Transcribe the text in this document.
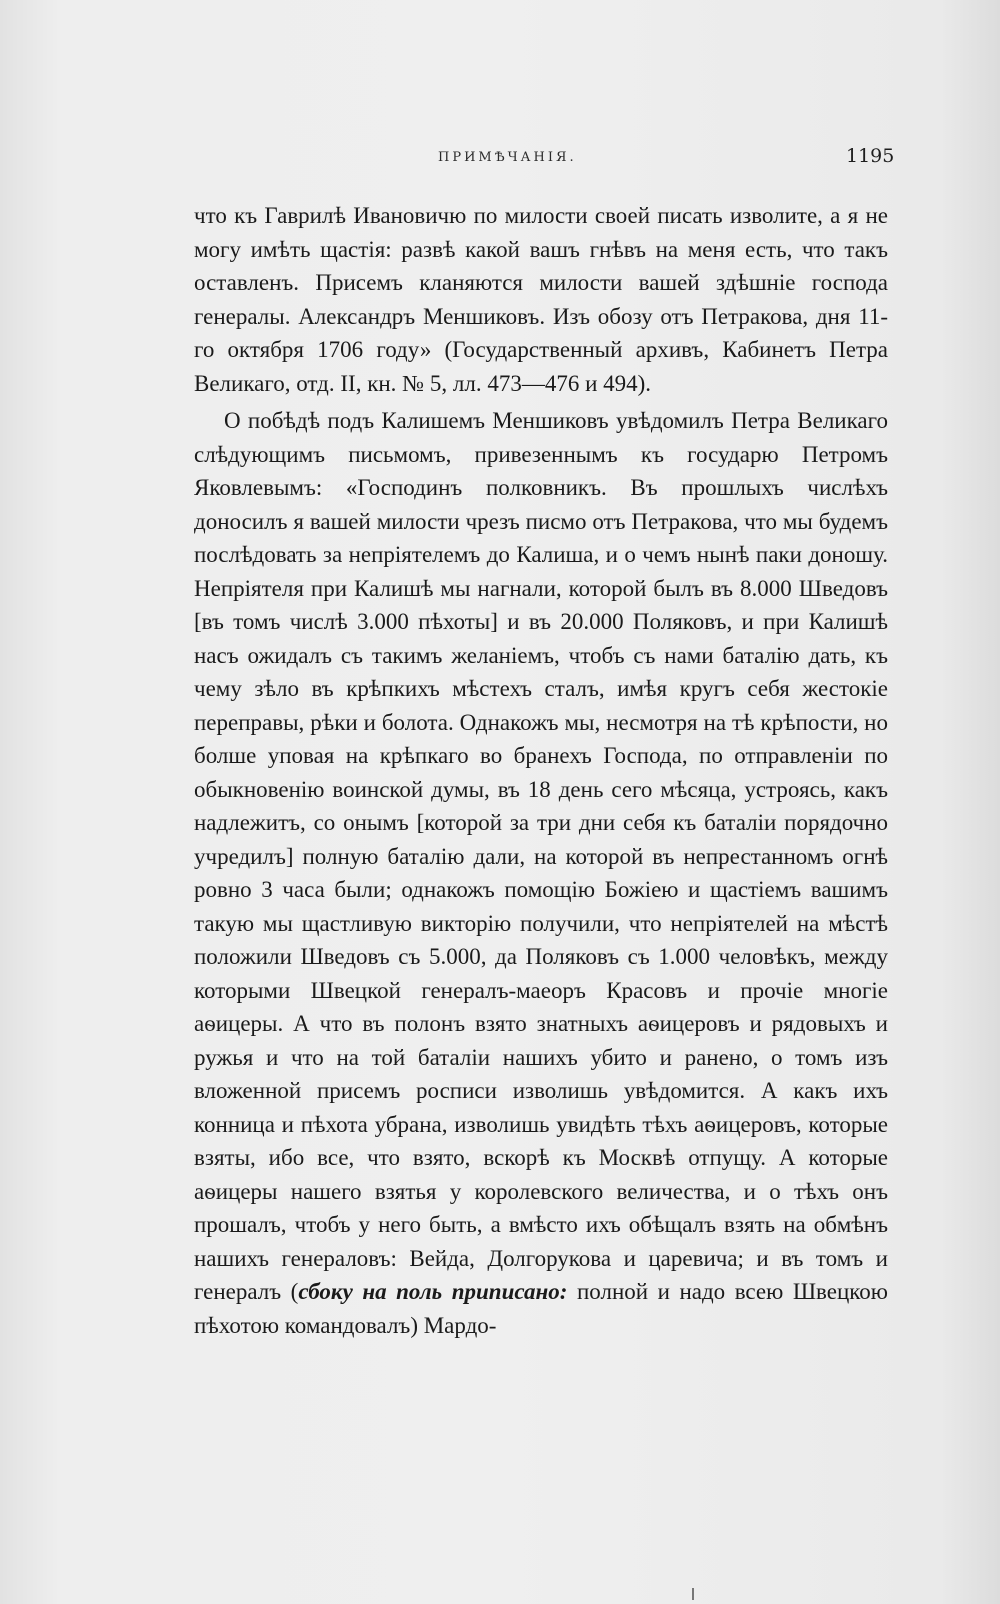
ПРИМѢЧАНІЯ.	1195

что къ Гаврилѣ Ивановичю по милости своей писать изволите, а я не могу имѣть щастія: развѣ какой вашъ гнѣвъ на меня есть, что такъ оставленъ. Присемъ кланяются милости вашей здѣшніе господа генералы. Александръ Меншиковъ. Изъ обозу отъ Петракова, дня 11-го октября 1706 году» (Государственный архивъ, Кабинетъ Петра Великаго, отд. II, кн. № 5, лл. 473—476 и 494).

О побѣдѣ подъ Калишемъ Меншиковъ увѣдомилъ Петра Великаго слѣдующимъ письмомъ, привезеннымъ къ государю Петромъ Яковлевымъ: «Господинъ полковникъ. Въ прошлыхъ числѣхъ доносилъ я вашей милости чрезъ писмо отъ Петракова, что мы будемъ послѣдовать за непріятелемъ до Калиша, и о чемъ нынѣ паки доношу. Непріятеля при Калишѣ мы нагнали, которой былъ въ 8.000 Шведовъ [въ томъ числѣ 3.000 пѣхоты] и въ 20.000 Поляковъ, и при Калишѣ насъ ожидалъ съ такимъ желаніемъ, чтобъ съ нами баталію дать, къ чему зѣло въ крѣпкихъ мѣстехъ сталъ, имѣя кругъ себя жестокіе переправы, рѣки и болота. Однакожъ мы, несмотря на тѣ крѣпости, но болше уповая на крѣпкаго во бранехъ Господа, по отправленіи по обыкновенію воинской думы, въ 18 день сего мѣсяца, устроясь, какъ надлежитъ, со онымъ [которой за три дни себя къ баталіи порядочно учредилъ] полную баталію дали, на которой въ непрестанномъ огнѣ ровно 3 часа были; однакожъ помощію Божіею и щастіемъ вашимъ такую мы щастливую викторію получили, что непріятелей на мѣстѣ положили Шведовъ съ 5.000, да Поляковъ съ 1.000 человѣкъ, между которыми Швецкой генералъ-маеоръ Красовъ и прочіе многіе аѳицеры. А что въ полонъ взято знатныхъ аѳицеровъ и рядовыхъ и ружья и что на той баталіи нашихъ убито и ранено, о томъ изъ вложенной присемъ росписи изволишь увѣдомится. А какъ ихъ конница и пѣхота убрана, изволишь увидѣть тѣхъ аѳицеровъ, которые взяты, ибо все, что взято, вскорѣ къ Москвѣ отпущу. А которые аѳицеры нашего взятья у королевского величества, и о тѣхъ онъ прошалъ, чтобъ у него быть, а вмѣсто ихъ обѣщалъ взять на обмѣнъ нашихъ генераловъ: Вейда, Долгорукова и царевича; и въ томъ и генералъ (сбоку на поль приписано: полной и надо всею Швецкою пѣхотою командовалъ) Мардо-
